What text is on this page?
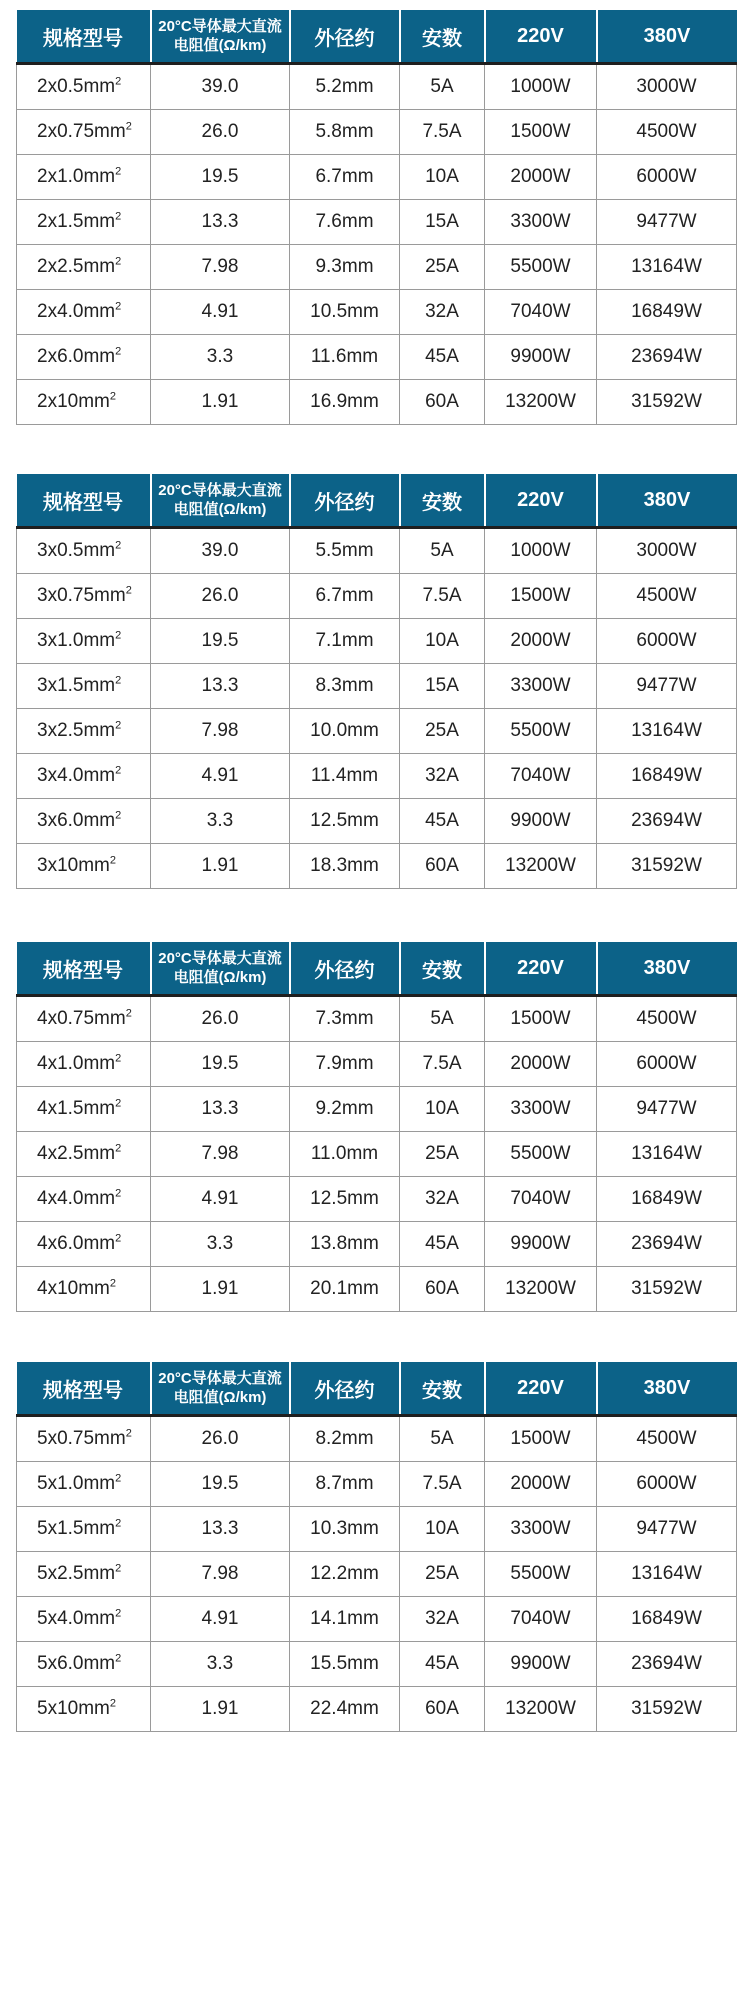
规格型号	20°C导体最大直流
电阻值(Ω/km)	外径约	安数	220V	380V
$2x0.5mm^2$	39.0	5.2mm	5A	1000W	3000W
$2x0.75mm^2$	26.0	5.8mm	7.5A	1500W	4500W
$2x1.0mm^2$	19.5	6.7mm	10A	2000W	6000W
$2x1.5mm^2$	13.3	7.6mm	15A	3300W	9477W
$2x2.5mm^2$	7.98	9.3mm	25A	5500W	13164W
$2x4.0mm^2$	4.91	10.5mm	32A	7040W	16849W
$2x6.0mm^2$	3.3	11.6mm	45A	9900W	23694W
$2x10mm^2$	1.91	16.9mm	60A	13200W	31592W
规格型号	20°C导体最大直流
电阻值(Ω/km)	外径约	安数	220V	380V
$3x0.5mm^2$	39.0	5.5mm	5A	1000W	3000W
$3x0.75mm^2$	26.0	6.7mm	7.5A	1500W	4500W
$3x1.0mm^2$	19.5	7.1mm	10A	2000W	6000W
$3x1.5mm^2$	13.3	8.3mm	15A	3300W	9477W
$3x2.5mm^2$	7.98	10.0mm	25A	5500W	13164W
$3x4.0mm^2$	4.91	11.4mm	32A	7040W	16849W
$3x6.0mm^2$	3.3	12.5mm	45A	9900W	23694W
$3x10mm^2$	1.91	18.3mm	60A	13200W	31592W
规格型号	20°C导体最大直流
电阻值(Ω/km)	外径约	安数	220V	380V
$4x0.75mm^2$	26.0	7.3mm	5A	1500W	4500W
$4x1.0mm^2$	19.5	7.9mm	7.5A	2000W	6000W
$4x1.5mm^2$	13.3	9.2mm	10A	3300W	9477W
$4x2.5mm^2$	7.98	11.0mm	25A	5500W	13164W
$4x4.0mm^2$	4.91	12.5mm	32A	7040W	16849W
$4x6.0mm^2$	3.3	13.8mm	45A	9900W	23694W
$4x10mm^2$	1.91	20.1mm	60A	13200W	31592W
规格型号	20°C导体最大直流
电阻值(Ω/km)	外径约	安数	220V	380V
$5x0.75mm^2$	26.0	8.2mm	5A	1500W	4500W
$5x1.0mm^2$	19.5	8.7mm	7.5A	2000W	6000W
$5x1.5mm^2$	13.3	10.3mm	10A	3300W	9477W
$5x2.5mm^2$	7.98	12.2mm	25A	5500W	13164W
$5x4.0mm^2$	4.91	14.1mm	32A	7040W	16849W
$5x6.0mm^2$	3.3	15.5mm	45A	9900W	23694W
$5x10mm^2$	1.91	22.4mm	60A	13200W	31592W
